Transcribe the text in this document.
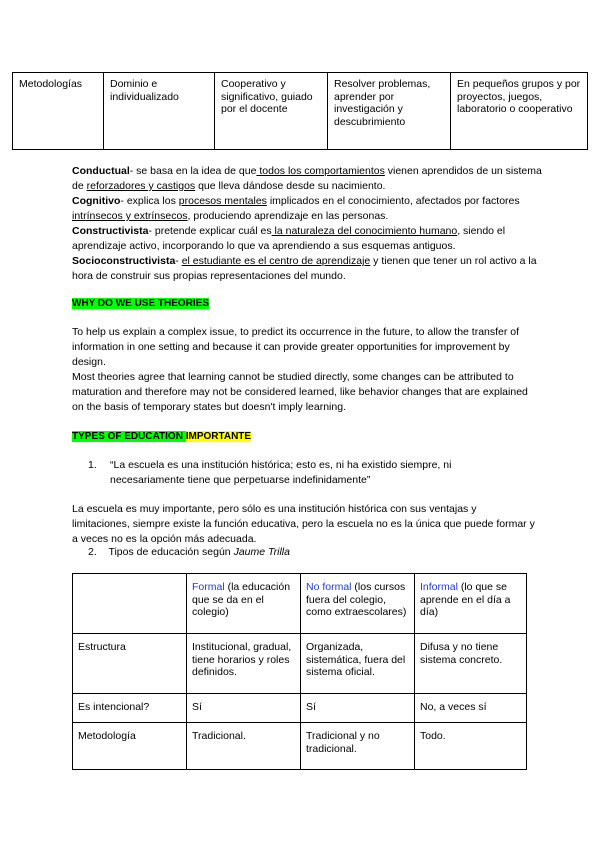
Metodologías	Dominio e individualizado	Cooperativo y significativo, guiado por el docente	Resolver problemas, aprender por investigación y descubrimiento	En pequeños grupos y por proyectos, juegos, laboratorio o cooperativo
Conductual- se basa en la idea de que todos los comportamientos vienen aprendidos de un sistema de reforzadores y castigos que lleva dándose desde su nacimiento.
Cognitivo- explica los procesos mentales implicados en el conocimiento, afectados por factores intrínsecos y extrínsecos, produciendo aprendizaje en las personas.
Constructivista- pretende explicar cuál es la naturaleza del conocimiento humano, siendo el aprendizaje activo, incorporando lo que va aprendiendo a sus esquemas antiguos.
Socioconstructivista- el estudiante es el centro de aprendizaje y tienen que tener un rol activo a la hora de construir sus propias representaciones del mundo.
WHY DO WE USE THEORIES
To help us explain a complex issue, to predict its occurrence in the future, to allow the transfer of information in one setting and because it can provide greater opportunities for improvement by design.
Most theories agree that learning cannot be studied directly, some changes can be attributed to maturation and therefore may not be considered learned, like behavior changes that are explained on the basis of temporary states but doesn't imply learning.
TYPES OF EDUCATION IMPORTANTE
1. “La escuela es una institución histórica; esto es, ni ha existido siempre, ni necesariamente tiene que perpetuarse indefinidamente”
La escuela es muy importante, pero sólo es una institución histórica con sus ventajas y limitaciones, siempre existe la función educativa, pero la escuela no es la única que puede formar y a veces no es la opción más adecuada.
2. Tipos de educación según Jaume Trilla
	Formal (la educación que se da en el colegio)	No formal (los cursos fuera del colegio, como extraescolares)	Informal (lo que se aprende en el día a día)
Estructura	Institucional, gradual, tiene horarios y roles definidos.	Organizada, sistemática, fuera del sistema oficial.	Difusa y no tiene sistema concreto.
Es intencional?	Sí	Sí	No, a veces sí
Metodología	Tradicional.	Tradicional y no tradicional.	Todo.
